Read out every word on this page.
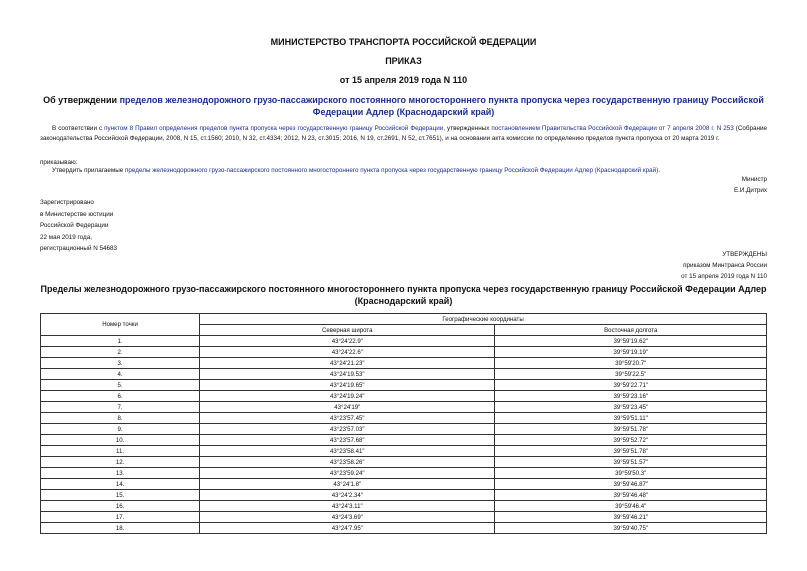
МИНИСТЕРСТВО ТРАНСПОРТА РОССИЙСКОЙ ФЕДЕРАЦИИ
ПРИКАЗ
от 15 апреля 2019 года N 110
Об утверждении пределов железнодорожного грузо-пассажирского постоянного многостороннего пункта пропуска через государственную границу Российской Федерации Адлер (Краснодарский край)
В соответствии с пунктом 8 Правил определения пределов пункта пропуска через государственную границу Российской Федерации, утвержденных постановлением Правительства Российской Федерации от 7 апреля 2008 г. N 253 (Собрание законодательства Российской Федерации, 2008, N 15, ст.1560; 2010, N 32, ст.4334; 2012, N 23, ст.3015; 2016, N 19, ст.2691, N 52, ст.7651), и на основании акта комиссии по определению пределов пункта пропуска от 20 марта 2019 г.
приказываю:
Утвердить прилагаемые пределы железнодорожного грузо-пассажирского постоянного многостороннего пункта пропуска через государственную границу Российской Федерации Адлер (Краснодарский край).
Министр
Е.И.Дитрих
Зарегистрировано
в Министерстве юстиции
Российской Федерации
22 мая 2019 года,
регистрационный N 54683
УТВЕРЖДЕНЫ
приказом Минтранса России
от 15 апреля 2019 года N 110
Пределы железнодорожного грузо-пассажирского постоянного многостороннего пункта пропуска через государственную границу Российской Федерации Адлер (Краснодарский край)
Номер точки	Географические координаты	
	Северная широта	Восточная долгота
1.	43°24'22.9"	39°59'19.62"
2.	43°24'22.6"	39°59'19.19"
3.	43°24'21.23"	39°59'20.7"
4.	43°24'19.53"	39°59'22.5"
5.	43°24'19.65"	39°59'22.71"
6.	43°24'19.24"	39°59'23.16"
7.	43°24'19"	39°59'23.45"
8.	43°23'57.45"	39°59'51.11"
9.	43°23'57.03"	39°59'51.78"
10.	43°23'57.68"	39°59'52.72"
11.	43°23'58.41"	39°59'51.78"
12.	43°23'58.26"	39°59'51.57"
13.	43°23'59.24"	39°59'50.3"
14.	43°24'1.8"	39°59'46.87"
15.	43°24'2.34"	39°59'46.48"
16.	43°24'3.11"	39°59'46.4"
17.	43°24'3.69"	39°59'46.21"
18.	43°24'7.95"	39°59'40.75"
